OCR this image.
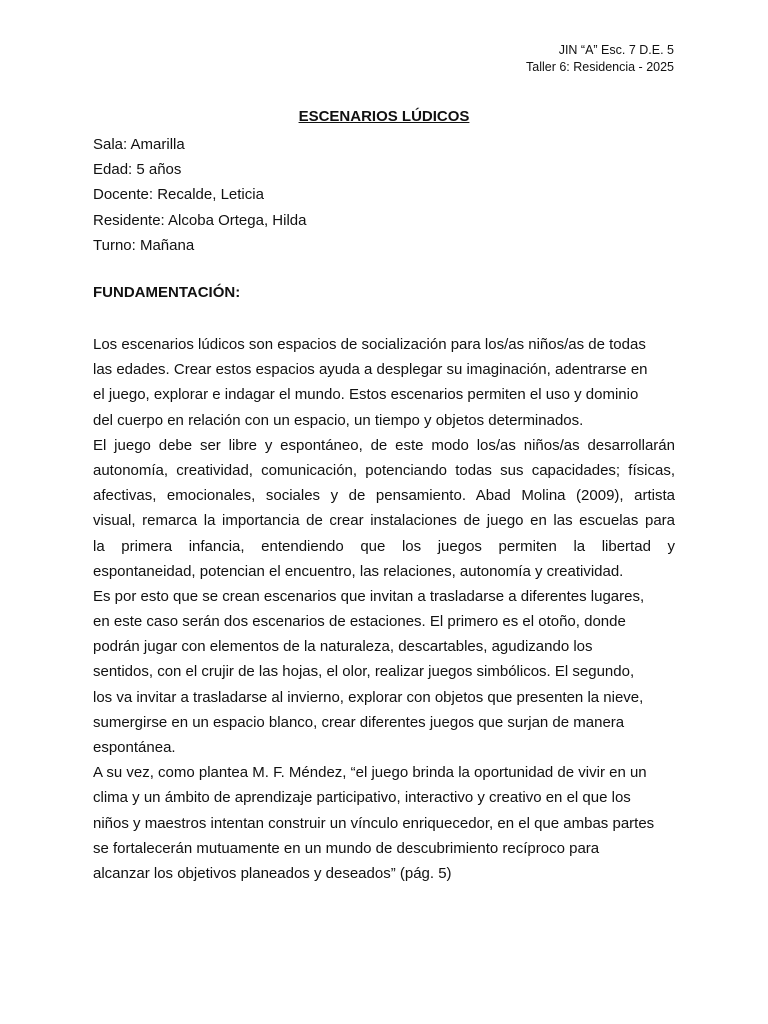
JIN “A” Esc. 7 D.E. 5
Taller 6: Residencia - 2025
ESCENARIOS LÚDICOS
Sala: Amarilla
Edad: 5 años
Docente: Recalde, Leticia
Residente: Alcoba Ortega, Hilda
Turno: Mañana
FUNDAMENTACIÓN:
Los escenarios lúdicos son espacios de socialización para los/as niños/as de todas
las edades. Crear estos espacios ayuda a desplegar su imaginación, adentrarse en
el juego, explorar e indagar el mundo. Estos escenarios permiten el uso y dominio
del cuerpo en relación con un espacio, un tiempo y objetos determinados.
El juego debe ser libre y espontáneo, de este modo los/as niños/as desarrollarán
autonomía, creatividad, comunicación, potenciando todas sus capacidades; físicas,
afectivas, emocionales, sociales y de pensamiento. Abad Molina (2009), artista
visual, remarca la importancia de crear instalaciones de juego en las escuelas para
la primera infancia, entendiendo que los juegos permiten la libertad y
espontaneidad, potencian el encuentro, las relaciones, autonomía y creatividad.
Es por esto que se crean escenarios que invitan a trasladarse a diferentes lugares,
en este caso serán dos escenarios de estaciones. El primero es el otoño, donde
podrán jugar con elementos de la naturaleza, descartables, agudizando los
sentidos, con el crujir de las hojas, el olor, realizar juegos simbólicos. El segundo,
los va invitar a trasladarse al invierno, explorar con objetos que presenten la nieve,
sumergirse en un espacio blanco, crear diferentes juegos que surjan de manera
espontánea.
A su vez, como plantea M. F. Méndez, “el juego brinda la oportunidad de vivir en un
clima y un ámbito de aprendizaje participativo, interactivo y creativo en el que los
niños y maestros intentan construir un vínculo enriquecedor, en el que ambas partes
se fortalecerán mutuamente en un mundo de descubrimiento recíproco para
alcanzar los objetivos planeados y deseados” (pág. 5)
